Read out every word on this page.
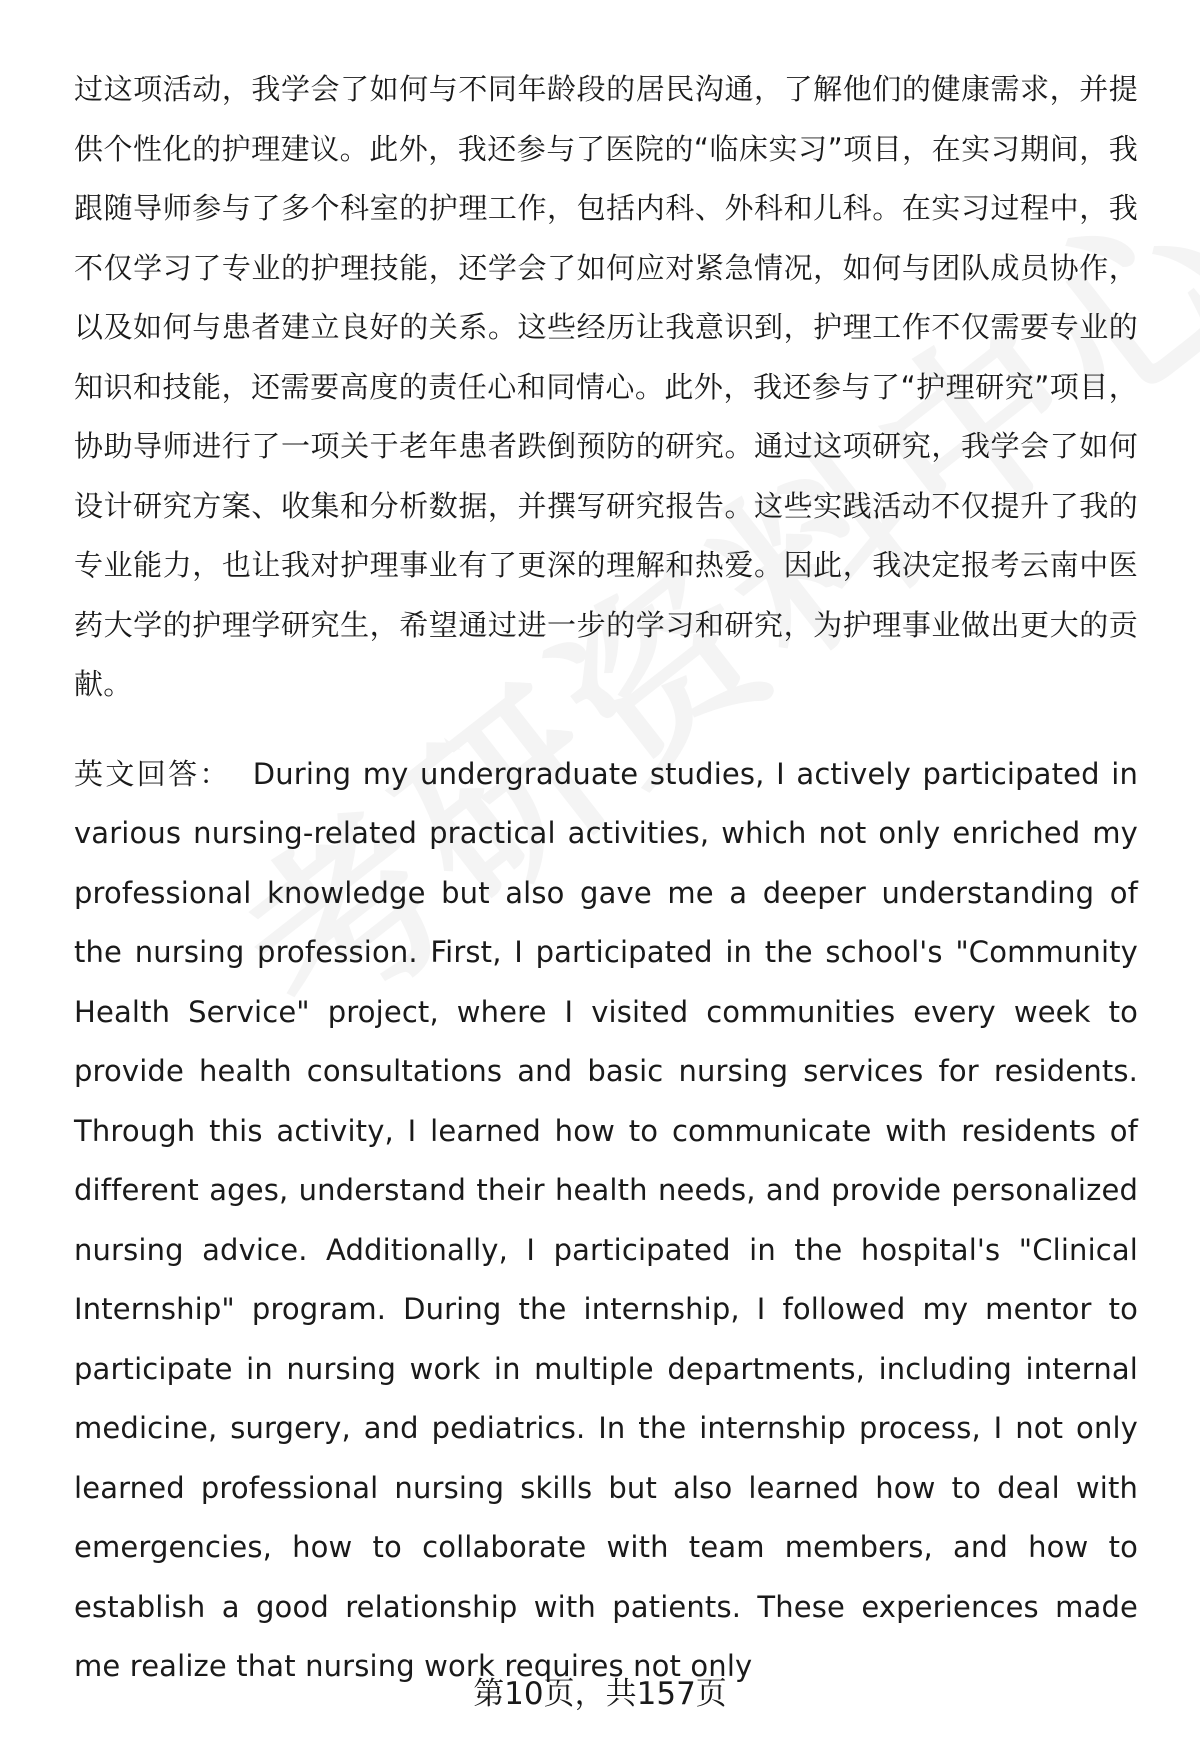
过这项活动，我学会了如何与不同年龄段的居民沟通，了解他们的健康需求，并提供个性化的护理建议。此外，我还参与了医院的“临床实习”项目，在实习期间，我跟随导师参与了多个科室的护理工作，包括内科、外科和儿科。在实习过程中，我不仅学习了专业的护理技能，还学会了如何应对紧急情况，如何与团队成员协作，以及如何与患者建立良好的关系。这些经历让我意识到，护理工作不仅需要专业的知识和技能，还需要高度的责任心和同情心。此外，我还参与了“护理研究”项目，协助导师进行了一项关于老年患者跌倒预防的研究。通过这项研究，我学会了如何设计研究方案、收集和分析数据，并撰写研究报告。这些实践活动不仅提升了我的专业能力，也让我对护理事业有了更深的理解和热爱。因此，我决定报考云南中医药大学的护理学研究生，希望通过进一步的学习和研究，为护理事业做出更大的贡献。

英文回答： During my undergraduate studies, I actively participated in various nursing-related practical activities, which not only enriched my professional knowledge but also gave me a deeper understanding of the nursing profession. First, I participated in the school's "Community Health Service" project, where I visited communities every week to provide health consultations and basic nursing services for residents. Through this activity, I learned how to communicate with residents of different ages, understand their health needs, and provide personalized nursing advice. Additionally, I participated in the hospital's "Clinical Internship" program. During the internship, I followed my mentor to participate in nursing work in multiple departments, including internal medicine, surgery, and pediatrics. In the internship process, I not only learned professional nursing skills but also learned how to deal with emergencies, how to collaborate with team members, and how to establish a good relationship with patients. These experiences made me realize that nursing work requires not only

第10页，共157页
